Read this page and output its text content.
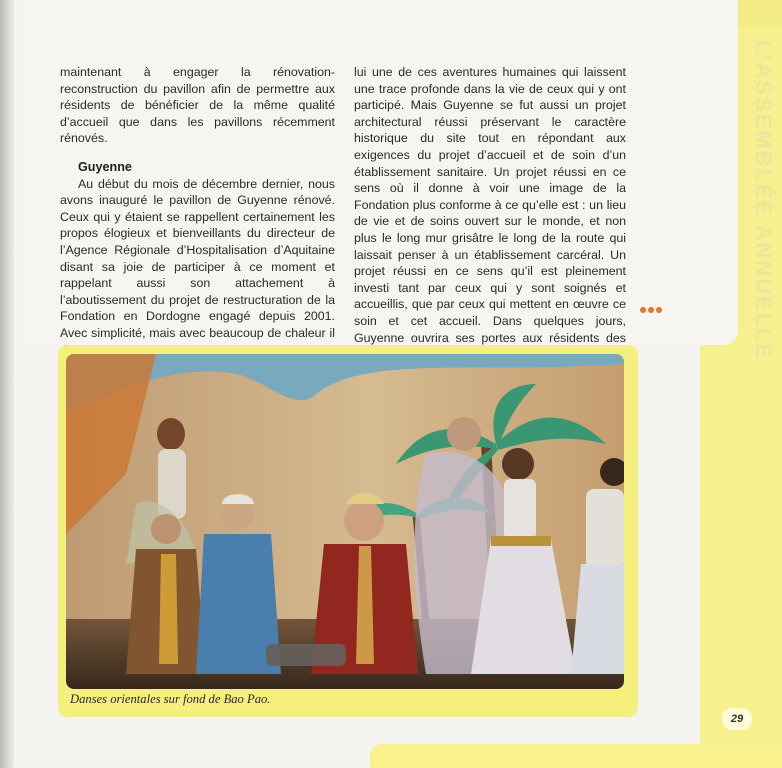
L’ASSEMBLÉE ANNUELLE

maintenant à engager la rénovation-reconstruction du pavillon afin de permettre aux résidents de bénéficier de la même qualité d’accueil que dans les pavillons récemment rénovés.

Guyenne

Au début du mois de décembre dernier, nous avons inauguré le pavillon de Guyenne rénové. Ceux qui y étaient se rappellent certainement les propos élogieux et bienveillants du directeur de l’Agence Régionale d’Hospitalisation d’Aquitaine disant sa joie de participer à ce moment et rappelant aussi son attachement à l’aboutissement du projet de restructuration de la Fondation en Dordogne engagé depuis 2001. Avec simplicité, mais avec beaucoup de chaleur il

lui une de ces aventures humaines qui laissent une trace profonde dans la vie de ceux qui y ont participé. Mais Guyenne se fut aussi un projet architectural réussi préservant le caractère historique du site tout en répondant aux exigences du projet d’accueil et de soin d’un établissement sanitaire. Un projet réussi en ce sens où il donne à voir une image de la Fondation plus conforme à ce qu’elle est : un lieu de vie et de soins ouvert sur le monde, et non plus le long mur grisâtre le long de la route qui laissait penser à un établissement carcéral. Un projet réussi en ce sens qu’il est pleinement investi tant par ceux qui y sont soignés et accueillis, que par ceux qui mettent en œuvre ce soin et cet accueil. Dans quelques jours, Guyenne ouvrira ses portes aux résidents des

Danses orientales sur fond de Bao Pao.
29
